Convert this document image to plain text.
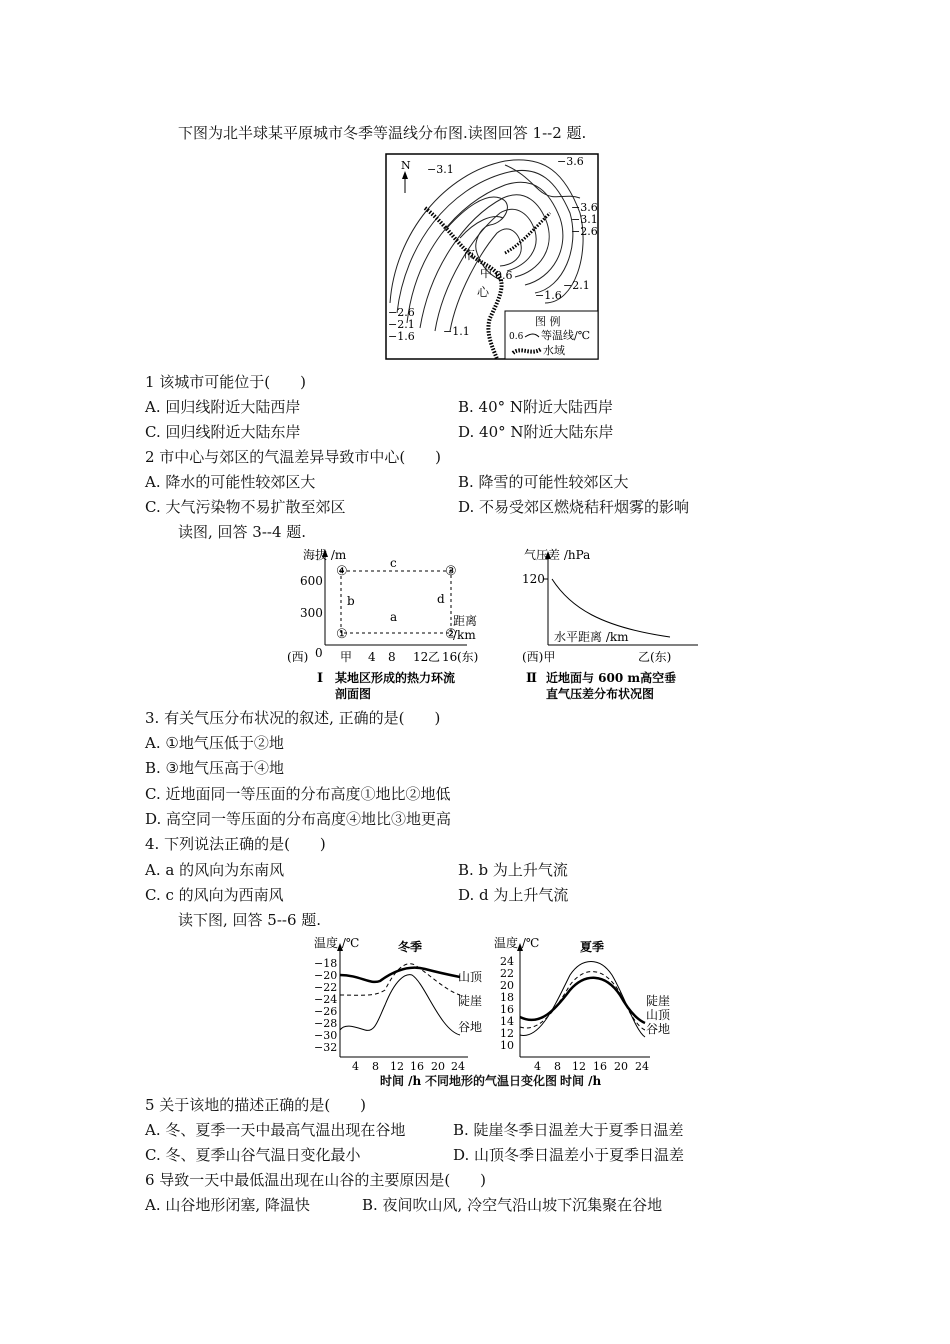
下图为北半球某平原城市冬季等温线分布图.读图回答 1--2 题.
N −3.1
−3.6
−3.6
−3.1
−2.6
−2.6
−2.1
−1.6	−1.1
0.6
−1.6
−2.1
市
中
心
图 例
0.6 等温线/℃
水域
1 该城市可能位于(　　)
A. 回归线附近大陆西岸	B. 40° N附近大陆西岸
C. 回归线附近大陆东岸	D. 40° N附近大陆东岸
2 市中心与郊区的气温差异导致市中心(　　)
A. 降水的可能性较郊区大	B. 降雪的可能性较郊区大
C. 大气污染物不易扩散至郊区	D. 不易受郊区燃烧秸秆烟雾的影响
读图, 回答 3--4 题.
海拔 /m
600
300
0
④	③
①	②
a
b
c
d
距离
/km
(西)	甲 4 8 12 乙 16 (东)
Ⅰ 某地区形成的热力环流
剖面图
气压差 /hPa
120
水平距离 /km
(西)甲	乙(东)
Ⅱ 近地面与 600 m高空垂
直气压差分布状况图
3. 有关气压分布状况的叙述, 正确的是(　　)
A. ①地气压低于②地
B. ③地气压高于④地
C. 近地面同一等压面的分布高度①地比②地低
D. 高空同一等压面的分布高度④地比③地更高
4. 下列说法正确的是(　　)
A. a 的风向为东南风	B. b 为上升气流
C. c 的风向为西南风	D. d 为上升气流
读下图, 回答 5--6 题.
温度 /℃	冬季
−18
−20
−22
−24
−26
−28
−30
−32
山顶
陡崖
谷地
4 8 12 16 20 24
时间 /h
温度 /℃	夏季
24
22
20
18
16
14
12
10
陡崖
山顶
谷地
4 8 12 16 20 24
时间 /h
不同地形的气温日变化图
5 关于该地的描述正确的是(　　)
A. 冬、夏季一天中最高气温出现在谷地	B. 陡崖冬季日温差大于夏季日温差
C. 冬、夏季山谷气温日变化最小	D. 山顶冬季日温差小于夏季日温差
6 导致一天中最低温出现在山谷的主要原因是(　　)
A. 山谷地形闭塞, 降温快	B. 夜间吹山风, 冷空气沿山坡下沉集聚在谷地
